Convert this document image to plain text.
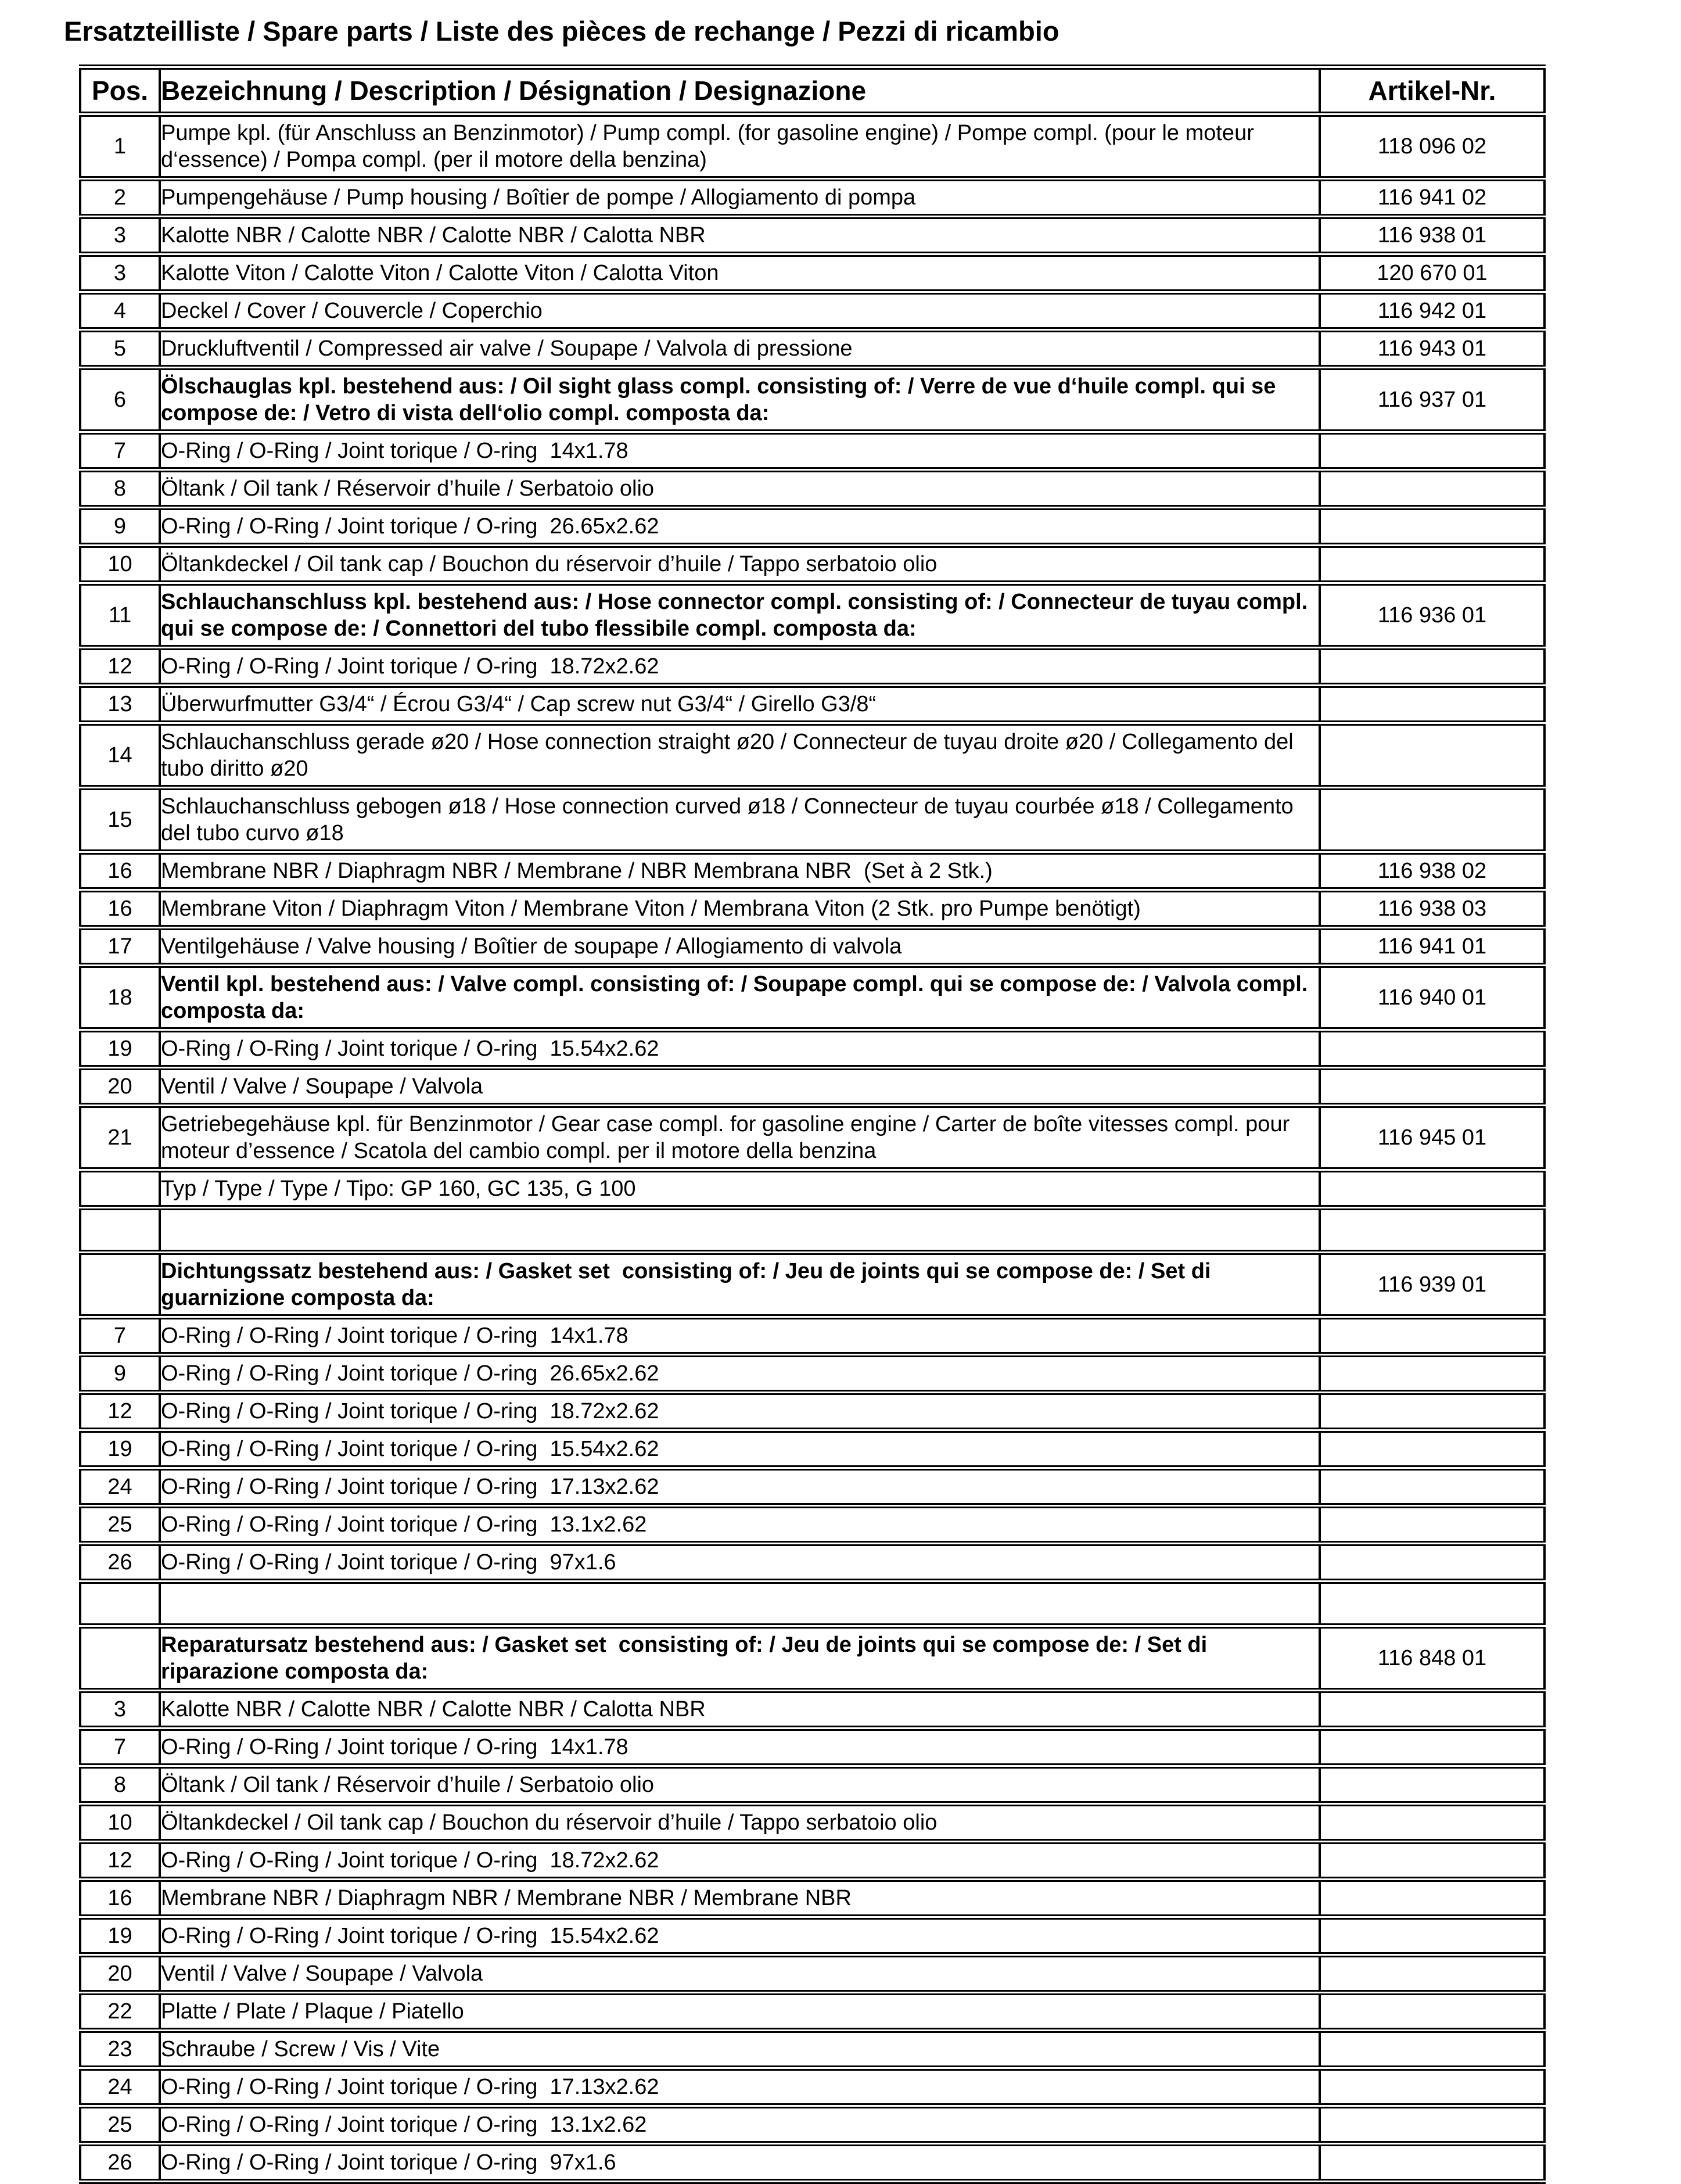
Ersatzteilliste / Spare parts / Liste des pièces de rechange / Pezzi di ricambio
Pos.	Bezeichnung / Description / Désignation / Designazione	Artikel-Nr.
1	Pumpe kpl. (für Anschluss an Benzinmotor) / Pump compl. (for gasoline engine) / Pompe compl. (pour le moteur d‘essence) / Pompa compl. (per il motore della benzina)	118 096 02
2	Pumpengehäuse / Pump housing / Boîtier de pompe / Allogiamento di pompa	116 941 02
3	Kalotte NBR / Calotte NBR / Calotte NBR / Calotta NBR	116 938 01
3	Kalotte Viton / Calotte Viton / Calotte Viton / Calotta Viton	120 670 01
4	Deckel / Cover / Couvercle / Coperchio	116 942 01
5	Druckluftventil / Compressed air valve / Soupape / Valvola di pressione	116 943 01
6	Ölschauglas kpl. bestehend aus: / Oil sight glass compl. consisting of: / Verre de vue d‘huile compl. qui se compose de: / Vetro di vista dell‘olio compl. composta da:	116 937 01
7	O-Ring / O-Ring / Joint torique / O-ring  14x1.78	
8	Öltank / Oil tank / Réservoir d’huile / Serbatoio olio	
9	O-Ring / O-Ring / Joint torique / O-ring  26.65x2.62	
10	Öltankdeckel / Oil tank cap / Bouchon du réservoir d’huile / Tappo serbatoio olio	
11	Schlauchanschluss kpl. bestehend aus: / Hose connector compl. consisting of: / Connecteur de tuyau compl. qui se compose de: / Connettori del tubo flessibile compl. composta da:	116 936 01
12	O-Ring / O-Ring / Joint torique / O-ring  18.72x2.62	
13	Überwurfmutter G3/4“ / Écrou G3/4“ / Cap screw nut G3/4“ / Girello G3/8“	
14	Schlauchanschluss gerade ø20 / Hose connection straight ø20 / Connecteur de tuyau droite ø20 / Collegamento del tubo diritto ø20	
15	Schlauchanschluss gebogen ø18 / Hose connection curved ø18 / Connecteur de tuyau courbée ø18 / Collegamento del tubo curvo ø18	
16	Membrane NBR / Diaphragm NBR / Membrane / NBR Membrana NBR  (Set à 2 Stk.)	116 938 02
16	Membrane Viton / Diaphragm Viton / Membrane Viton / Membrana Viton (2 Stk. pro Pumpe benötigt)	116 938 03
17	Ventilgehäuse / Valve housing / Boîtier de soupape / Allogiamento di valvola	116 941 01
18	Ventil kpl. bestehend aus: / Valve compl. consisting of: / Soupape compl. qui se compose de: / Valvola compl. composta da:	116 940 01
19	O-Ring / O-Ring / Joint torique / O-ring  15.54x2.62	
20	Ventil / Valve / Soupape / Valvola	
21	Getriebegehäuse kpl. für Benzinmotor / Gear case compl. for gasoline engine / Carter de boîte vitesses compl. pour moteur d’essence / Scatola del cambio compl. per il motore della benzina	116 945 01
	Typ / Type / Type / Tipo: GP 160, GC 135, G 100	

	Dichtungssatz bestehend aus: / Gasket set  consisting of: / Jeu de joints qui se compose de: / Set di guarnizione composta da:	116 939 01
7	O-Ring / O-Ring / Joint torique / O-ring  14x1.78	
9	O-Ring / O-Ring / Joint torique / O-ring  26.65x2.62	
12	O-Ring / O-Ring / Joint torique / O-ring  18.72x2.62	
19	O-Ring / O-Ring / Joint torique / O-ring  15.54x2.62	
24	O-Ring / O-Ring / Joint torique / O-ring  17.13x2.62	
25	O-Ring / O-Ring / Joint torique / O-ring  13.1x2.62	
26	O-Ring / O-Ring / Joint torique / O-ring  97x1.6	

	Reparatursatz bestehend aus: / Gasket set  consisting of: / Jeu de joints qui se compose de: / Set di riparazione composta da:	116 848 01
3	Kalotte NBR / Calotte NBR / Calotte NBR / Calotta NBR	
7	O-Ring / O-Ring / Joint torique / O-ring  14x1.78	
8	Öltank / Oil tank / Réservoir d’huile / Serbatoio olio	
10	Öltankdeckel / Oil tank cap / Bouchon du réservoir d’huile / Tappo serbatoio olio	
12	O-Ring / O-Ring / Joint torique / O-ring  18.72x2.62	
16	Membrane NBR / Diaphragm NBR / Membrane NBR / Membrane NBR	
19	O-Ring / O-Ring / Joint torique / O-ring  15.54x2.62	
20	Ventil / Valve / Soupape / Valvola	
22	Platte / Plate / Plaque / Piatello	
23	Schraube / Screw / Vis / Vite	
24	O-Ring / O-Ring / Joint torique / O-ring  17.13x2.62	
25	O-Ring / O-Ring / Joint torique / O-ring  13.1x2.62	
26	O-Ring / O-Ring / Joint torique / O-ring  97x1.6	
